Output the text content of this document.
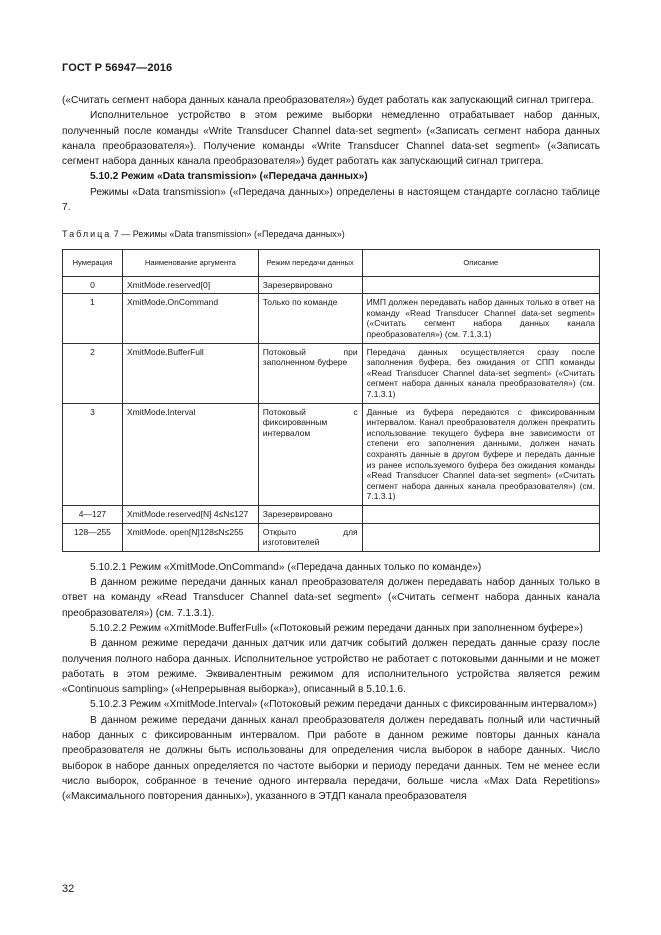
ГОСТ Р 56947—2016

(«Считать сегмент набора данных канала преобразователя») будет работать как запускающий сигнал триггера.

Исполнительное устройство в этом режиме выборки немедленно отрабатывает набор данных, полученный после команды «Write Transducer Channel data-set segment» («Записать сегмент набора данных канала преобразователя»). Получение команды «Write Transducer Channel data-set segment» («Записать сегмент набора данных канала преобразователя») будет работать как запускающий сигнал триггера.

5.10.2 Режим «Data transmission» («Передача данных»)

Режимы «Data transmission» («Передача данных») определены в настоящем стандарте согласно таблице 7.

Таблица 7 — Режимы «Data transmission» («Передача данных»)
Нумерация	Наименование аргумента	Режим передачи данных	Описание
0	XmitMode.reserved[0]	Зарезервировано	
1	XmitMode.OnCommand	Только по команде	ИМП должен передавать набор данных только в ответ на команду «Read Transducer Channel data-set segment» («Считать сегмент набора данных канала преобразователя») (см. 7.1.3.1)
2	XmitMode.BufferFull	Потоковый при заполненном буфере	Передача данных осуществляется сразу после заполнения буфера, без ожидания от СПП команды «Read Transducer Channel data-set segment» («Считать сегмент набора данных канала преобразователя») (см. 7.1.3.1)
3	XmitMode.Interval	Потоковый с фиксированным интервалом	Данные из буфера передаются с фиксированным интервалом. Канал преобразователя должен прекратить использование текущего буфера вне зависимости от степени его заполнения данными, должен начать сохранять данные в другом буфере и передать данные из ранее используемого буфера без ожидания команды «Read Transducer Channel data-set segment» («Считать сегмент набора данных канала преобразователя») (см. 7.1.3.1)
4—127	XmitMode.reserved[N] 4≤N≤127	Зарезервировано	
128—255	XmitMode. open[N]128≤N≤255	Открыто для изготовителей	

5.10.2.1 Режим «XmitMode.OnCommand» («Передача данных только по команде»)

В данном режиме передачи данных канал преобразователя должен передавать набор данных только в ответ на команду «Read Transducer Channel data-set segment» («Считать сегмент набора данных канала преобразователя») (см. 7.1.3.1).

5.10.2.2 Режим «XmitMode.BufferFull» («Потоковый режим передачи данных при заполненном буфере»)

В данном режиме передачи данных датчик или датчик событий должен передать данные сразу после получения полного набора данных. Исполнительное устройство не работает с потоковыми данными и не может работать в этом режиме. Эквивалентным режимом для исполнительного устройства является режим «Continuous sampling» («Непрерывная выборка»), описанный в 5.10.1.6.

5.10.2.3 Режим «XmitMode.Interval» («Потоковый режим передачи данных с фиксированным интервалом»)

В данном режиме передачи данных канал преобразователя должен передавать полный или частичный набор данных с фиксированным интервалом. При работе в данном режиме повторы данных канала преобразователя не должны быть использованы для определения числа выборок в наборе данных. Число выборок в наборе данных определяется по частоте выборки и периоду передачи данных. Тем не менее если число выборок, собранное в течение одного интервала передачи, больше числа «Max Data Repetitions» («Максимального повторения данных»), указанного в ЭТДП канала преобразователя

32
